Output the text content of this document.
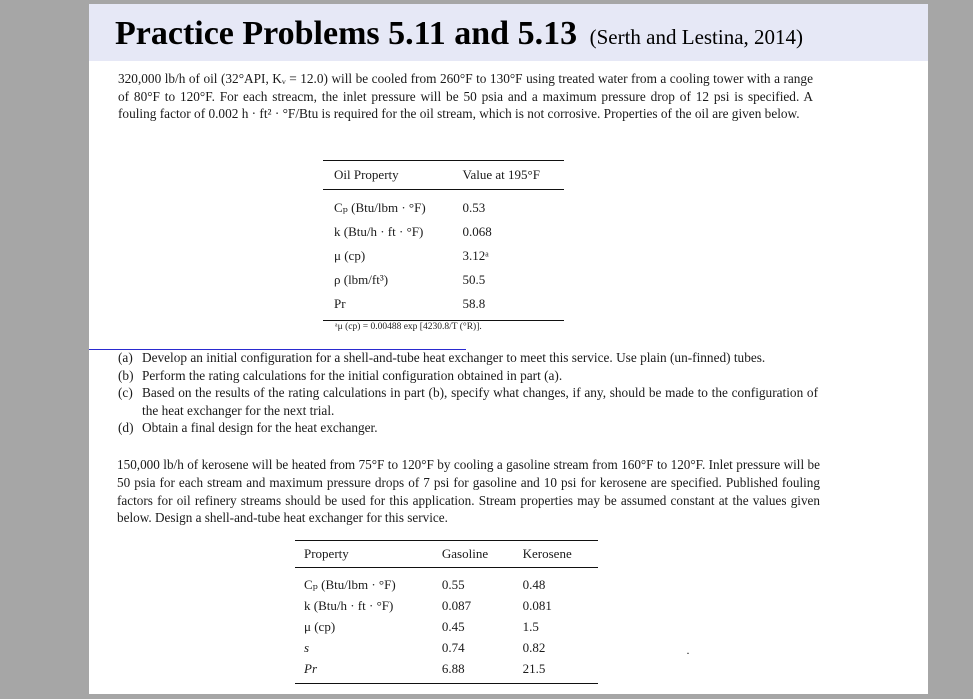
Practice Problems 5.11 and 5.13 (Serth and Lestina, 2014)

320,000 lb/h of oil (32°API, Kᵥ = 12.0) will be cooled from 260°F to 130°F using treated water from a cooling tower with a range of 80°F to 120°F. For each streacm, the inlet pressure will be 50 psia and a maximum pressure drop of 12 psi is specified. A fouling factor of 0.002 h · ft² · °F/Btu is required for the oil stream, which is not corrosive. Properties of the oil are given below.

Oil Property	Value at 195°F
Cₚ (Btu/lbm · °F)	0.53
k (Btu/h · ft · °F)	0.068
μ (cp)	3.12ᵃ
ρ (lbm/ft³)	50.5
Pr	58.8
ᵃμ (cp) = 0.00488 exp [4230.8/T (°R)].
(a) Develop an initial configuration for a shell-and-tube heat exchanger to meet this service. Use plain (un-finned) tubes.
(b) Perform the rating calculations for the initial configuration obtained in part (a).
(c) Based on the results of the rating calculations in part (b), specify what changes, if any, should be made to the configuration of the heat exchanger for the next trial.
(d) Obtain a final design for the heat exchanger.

150,000 lb/h of kerosene will be heated from 75°F to 120°F by cooling a gasoline stream from 160°F to 120°F. Inlet pressure will be 50 psia for each stream and maximum pressure drops of 7 psi for gasoline and 10 psi for kerosene are specified. Published fouling factors for oil refinery streams should be used for this application. Stream properties may be assumed constant at the values given below. Design a shell-and-tube heat exchanger for this service.

Property	Gasoline	Kerosene
Cₚ (Btu/lbm · °F)	0.55	0.48
k (Btu/h · ft · °F)	0.087	0.081
μ (cp)	0.45	1.5
s	0.74	0.82
Pr	6.88	21.5
·
